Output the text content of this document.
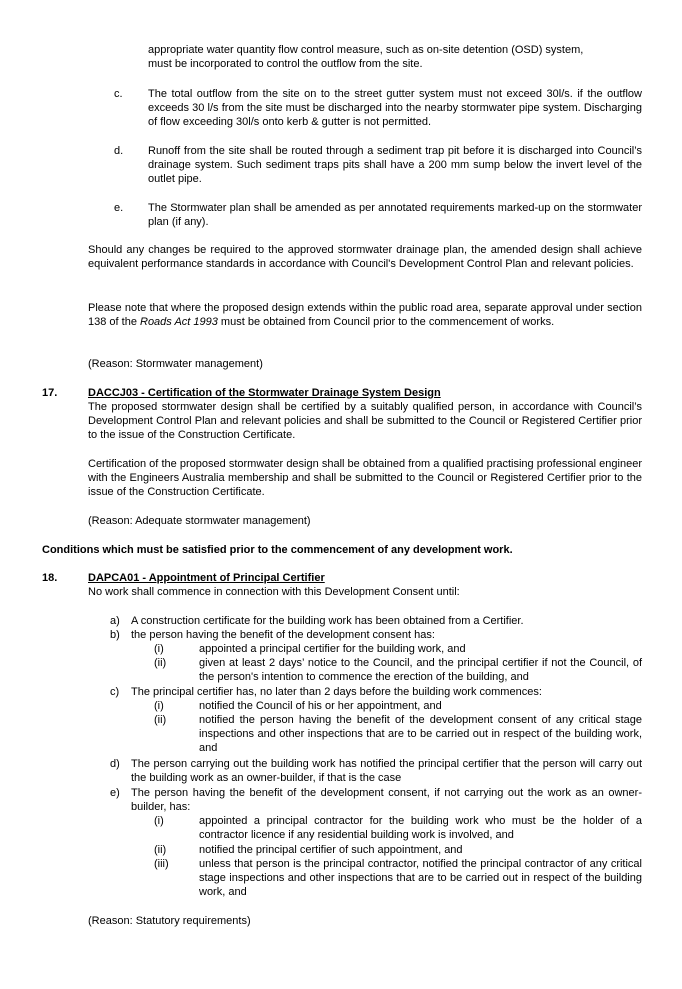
appropriate water quantity flow control measure, such as on-site detention (OSD) system,

must be incorporated to control the outflow from the site.

c. The total outflow from the site on to the street gutter system must not exceed 30l/s. if the outflow exceeds 30 l/s from the site must be discharged into the nearby stormwater pipe system. Discharging of flow exceeding 30l/s onto kerb & gutter is not permitted.

d. Runoff from the site shall be routed through a sediment trap pit before it is discharged into Council’s drainage system. Such sediment traps pits shall have a 200 mm sump below the invert level of the outlet pipe.

e. The Stormwater plan shall be amended as per annotated requirements marked-up on the stormwater plan (if any).

Should any changes be required to the approved stormwater drainage plan, the amended design shall achieve equivalent performance standards in accordance with Council's Development Control Plan and relevant policies.

Please note that where the proposed design extends within the public road area, separate approval under section 138 of the Roads Act 1993 must be obtained from Council prior to the commencement of works.

(Reason: Stormwater management)

17.	DACCJ03 - Certification of the Stormwater Drainage System Design

The proposed stormwater design shall be certified by a suitably qualified person, in accordance with Council’s Development Control Plan and relevant policies and shall be submitted to the Council or Registered Certifier prior to the issue of the Construction Certificate.

Certification of the proposed stormwater design shall be obtained from a qualified practising professional engineer with the Engineers Australia membership and shall be submitted to the Council or Registered Certifier prior to the issue of the Construction Certificate.

(Reason: Adequate stormwater management)

Conditions which must be satisfied prior to the commencement of any development work.

18.	DAPCA01 - Appointment of Principal Certifier

No work shall commence in connection with this Development Consent until:

a) A construction certificate for the building work has been obtained from a Certifier.

b) the person having the benefit of the development consent has:

(i)	appointed a principal certifier for the building work, and

(ii)	given at least 2 days’ notice to the Council, and the principal certifier if not the Council, of the person's intention to commence the erection of the building, and

c) The principal certifier has, no later than 2 days before the building work commences:

(i)	notified the Council of his or her appointment, and

(ii)	notified the person having the benefit of the development consent of any critical stage inspections and other inspections that are to be carried out in respect of the building work, and

d) The person carrying out the building work has notified the principal certifier that the person will carry out the building work as an owner-builder, if that is the case

e) The person having the benefit of the development consent, if not carrying out the work as an owner-builder, has:

(i)	appointed a principal contractor for the building work who must be the holder of a contractor licence if any residential building work is involved, and

(ii)	notified the principal certifier of such appointment, and

(iii)	unless that person is the principal contractor, notified the principal contractor of any critical stage inspections and other inspections that are to be carried out in respect of the building work, and

(Reason: Statutory requirements)
